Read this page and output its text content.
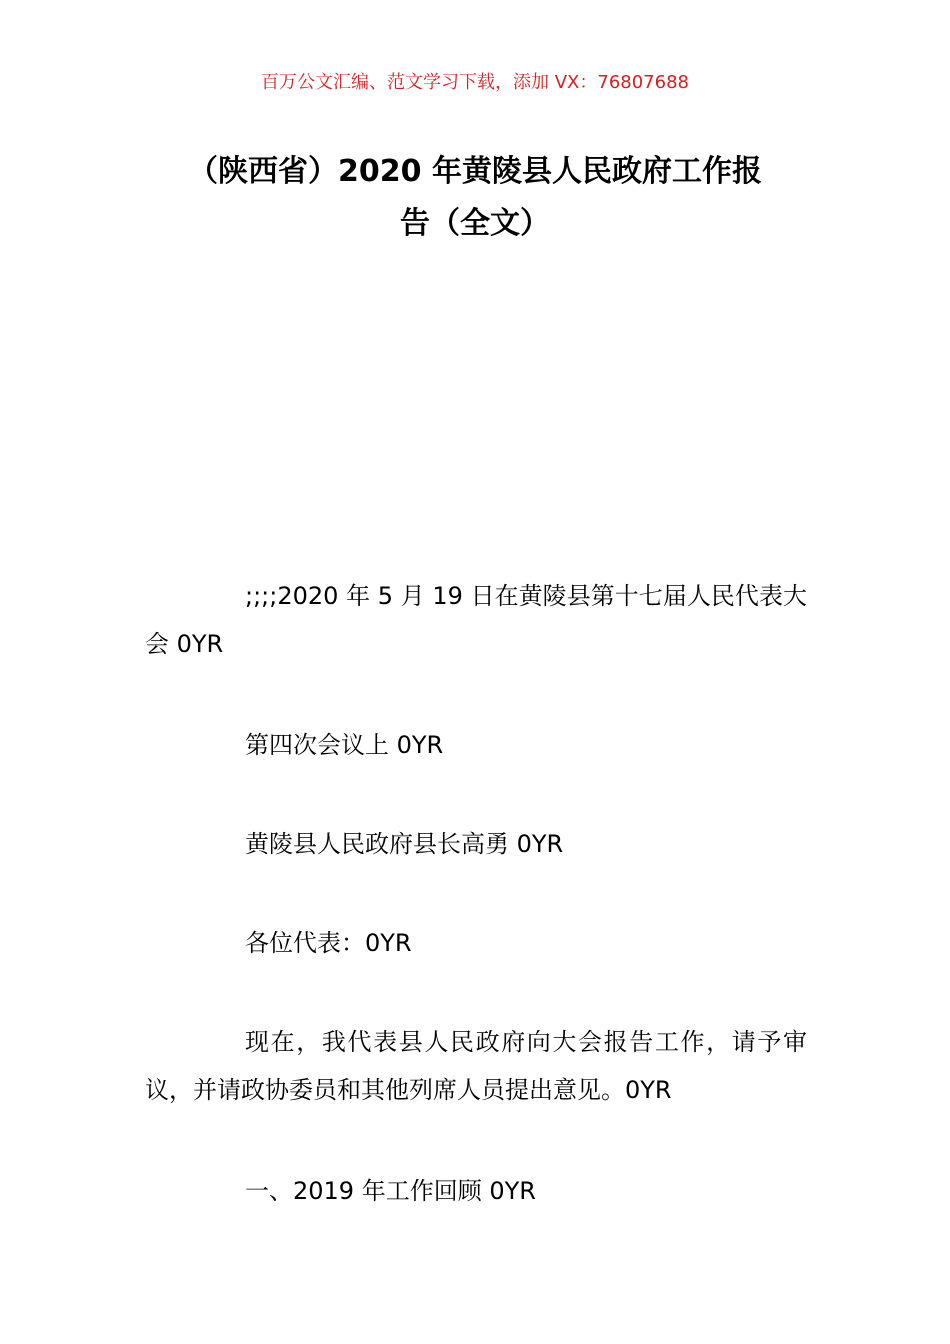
百万公文汇编、范文学习下载，添加 VX：76807688
（陕西省）2020 年黄陵县人民政府工作报
告（全文）

;;;;2020 年 5 月 19 日在黄陵县第十七届人民代表大会 0YR

第四次会议上 0YR

黄陵县人民政府县长高勇 0YR

各位代表：0YR

现在，我代表县人民政府向大会报告工作，请予审议，并请政协委员和其他列席人员提出意见。0YR

一、2019 年工作回顾 0YR
